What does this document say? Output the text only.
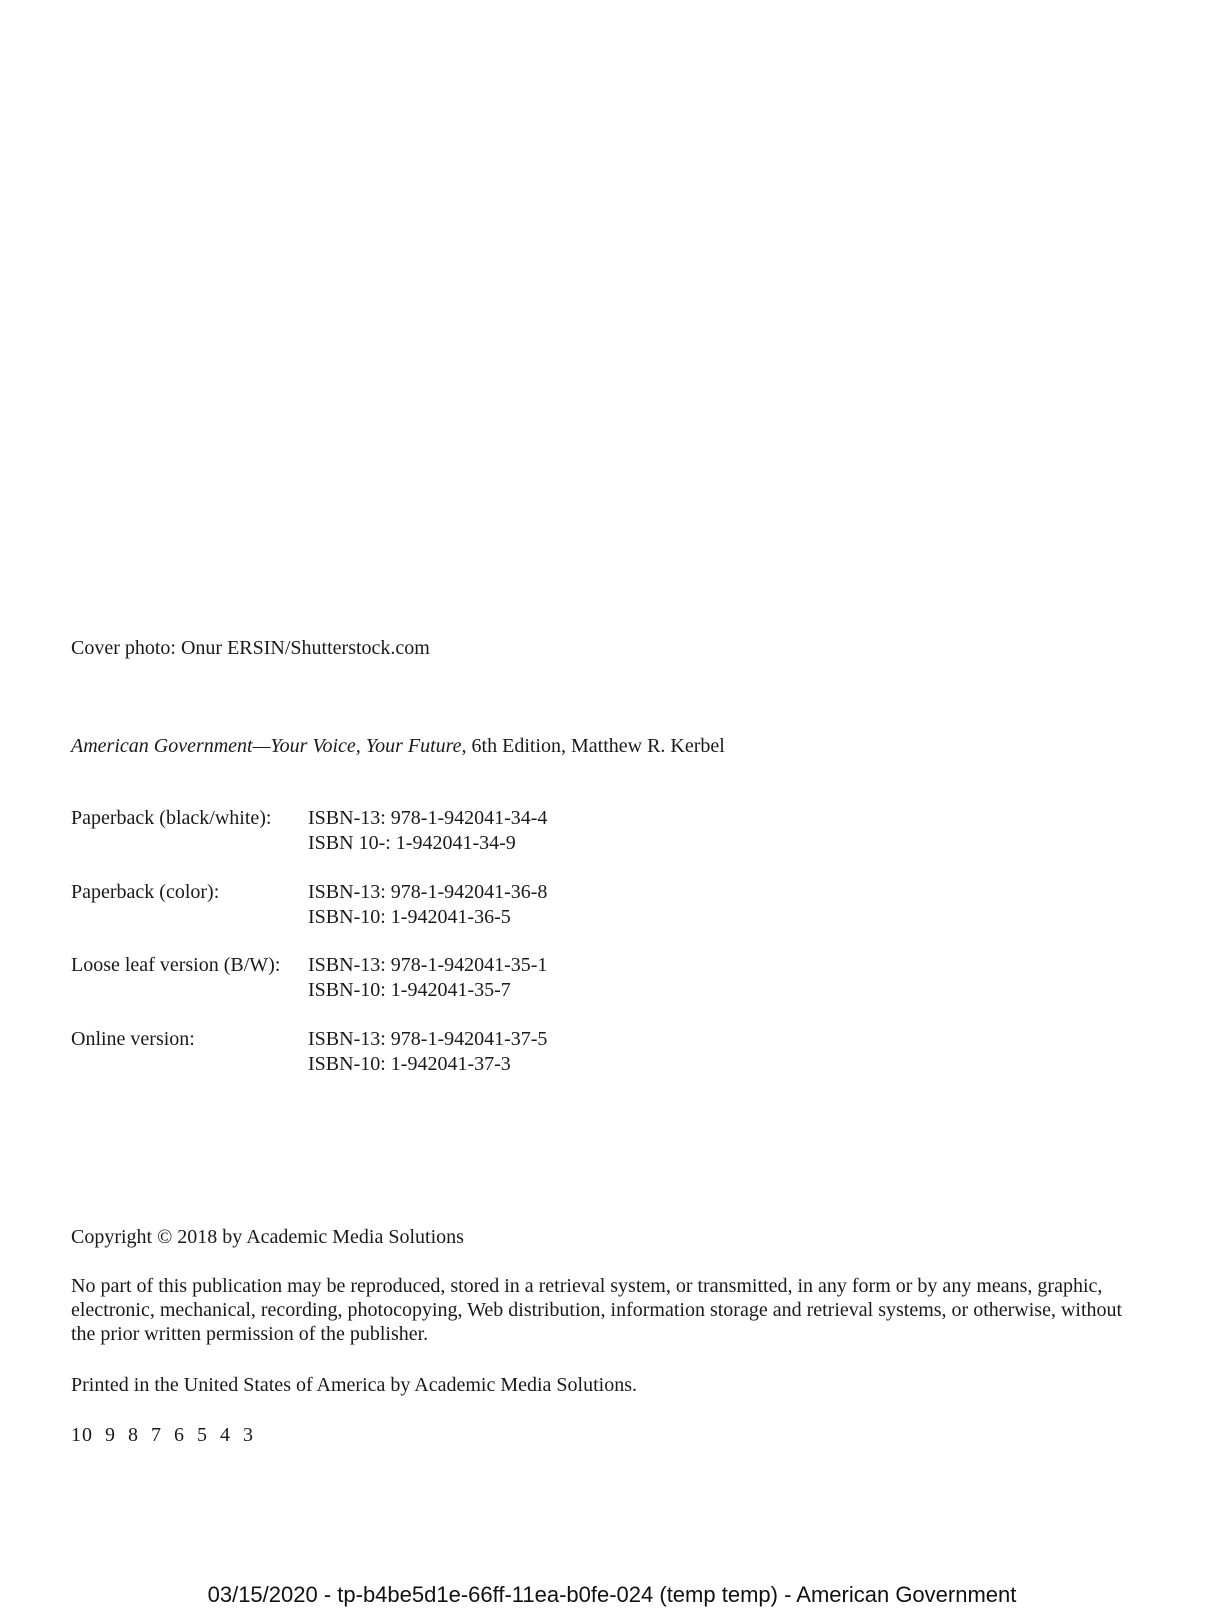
Cover photo: Onur ERSIN/Shutterstock.com
American Government—Your Voice, Your Future, 6th Edition, Matthew R. Kerbel
Paperback (black/white): ISBN-13: 978-1-942041-34-4
ISBN 10-: 1-942041-34-9
Paperback (color):	ISBN-13: 978-1-942041-36-8
ISBN-10: 1-942041-36-5
Loose leaf version (B/W): ISBN-13: 978-1-942041-35-1
ISBN-10: 1-942041-35-7
Online version:	ISBN-13: 978-1-942041-37-5
ISBN-10: 1-942041-37-3
Copyright © 2018 by Academic Media Solutions
No part of this publication may be reproduced, stored in a retrieval system, or transmitted, in any form or by any means, graphic, electronic, mechanical, recording, photocopying, Web distribution, information storage and retrieval systems, or otherwise, without the prior written permission of the publisher.
Printed in the United States of America by Academic Media Solutions.
10 9 8 7 6 5 4 3
03/15/2020 - tp-b4be5d1e-66ff-11ea-b0fe-024 (temp temp) - American Government
